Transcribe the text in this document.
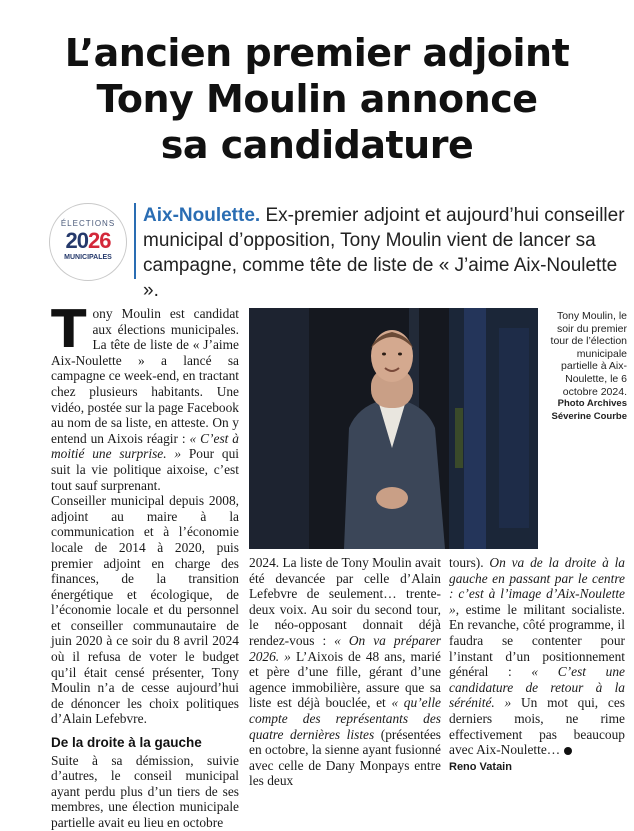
L’ancien premier adjoint
Tony Moulin annonce
sa candidature
ÉLECTIONS
2026
MUNICIPALES
Aix-Noulette. Ex-premier adjoint et aujourd’hui conseiller municipal d’opposition, Tony Moulin vient de lancer sa campagne, comme tête de liste de « J’aime Aix-Noulette ».

Tony Moulin est candidat aux élections municipales. La tête de liste de « J’aime Aix-Noulette » a lancé sa campagne ce week-end, en tractant chez plusieurs habitants. Une vidéo, postée sur la page Facebook au nom de sa liste, en atteste. On y entend un Aixois réagir : « C’est à moitié une surprise. » Pour qui suit la vie politique aixoise, c’est tout sauf surprenant.

Conseiller municipal depuis 2008, adjoint au maire à la communication et à l’économie locale de 2014 à 2020, puis premier adjoint en charge des finances, de la transition énergétique et écologique, de l’économie locale et du personnel et conseiller communautaire de juin 2020 à ce soir du 8 avril 2024 où il refusa de voter le budget qu’il était censé présenter, Tony Moulin n’a de cesse aujourd’hui de dénoncer les choix politiques d’Alain Lefebvre.

De la droite à la gauche

Suite à sa démission, suivie d’autres, le conseil municipal ayant perdu plus d’un tiers de ses membres, une élection municipale partielle avait eu lieu en octobre

Tony Moulin, le soir du premier tour de l’élection municipale partielle à Aix-Noulette, le 6 octobre 2024.
Photo Archives
Séverine Courbe

2024. La liste de Tony Moulin avait été devancée par celle d’Alain Lefebvre de seulement… trente-deux voix. Au soir du second tour, le néo-opposant donnait déjà rendez-vous : « On va préparer 2026. » L’Aixois de 48 ans, marié et père d’une fille, gérant d’une agence immobilière, assure que sa liste est déjà bouclée, et « qu’elle compte des représentants des quatre dernières listes (présentées en octobre, la sienne ayant fusionné avec celle de Dany Monpays entre les deux

tours). On va de la droite à la gauche en passant par le centre : c’est à l’image d’Aix-Noulette », estime le militant socialiste. En revanche, côté programme, il faudra se contenter pour l’instant d’un positionnement général : « C’est une candidature de retour à la sérénité. » Un mot qui, ces derniers mois, ne rime effectivement pas beaucoup avec Aix-Noulette…

Reno Vatain
